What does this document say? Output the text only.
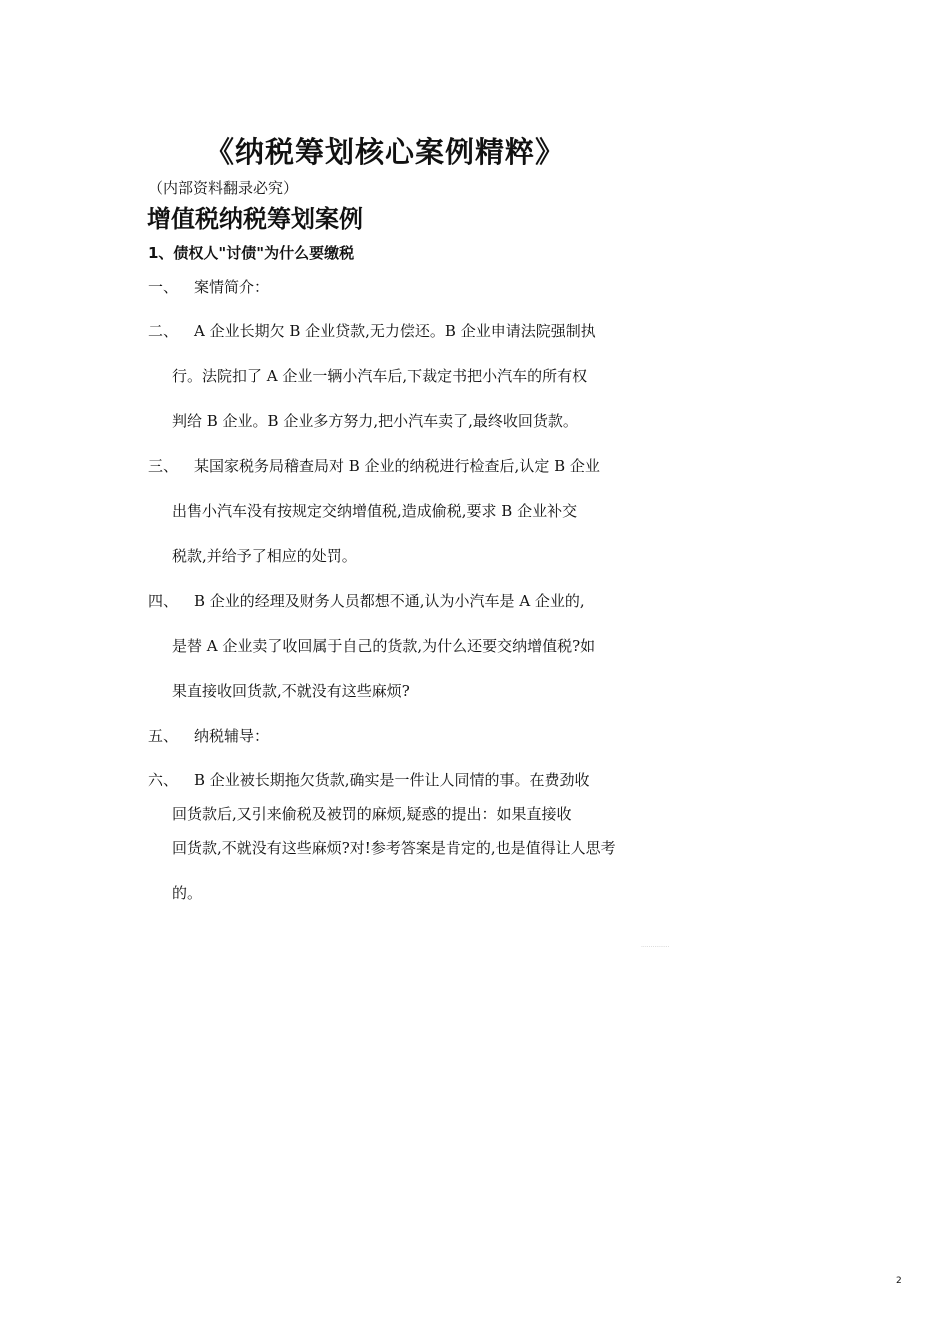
《纳税筹划核心案例精粹》
（内部资料翻录必究）
增值税纳税筹划案例
1、债权人"讨债"为什么要缴税
一、 案情简介：
二、 A 企业长期欠 B 企业贷款,无力偿还。B 企业申请法院强制执
行。法院扣了 A 企业一辆小汽车后,下裁定书把小汽车的所有权
判给 B 企业。B 企业多方努力,把小汽车卖了,最终收回货款。
三、 某国家税务局稽查局对 B 企业的纳税进行检查后,认定 B 企业
出售小汽车没有按规定交纳增值税,造成偷税,要求 B 企业补交
税款,并给予了相应的处罚。
四、 B 企业的经理及财务人员都想不通,认为小汽车是 A 企业的,
是替 A 企业卖了收回属于自己的货款,为什么还要交纳增值税?如
果直接收回货款,不就没有这些麻烦?
五、 纳税辅导：
六、 B 企业被长期拖欠货款,确实是一件让人同情的事。在费劲收
回货款后,又引来偷税及被罚的麻烦,疑惑的提出：如果直接收
回货款,不就没有这些麻烦?对!参考答案是肯定的,也是值得让人思考
的。
...............
2
